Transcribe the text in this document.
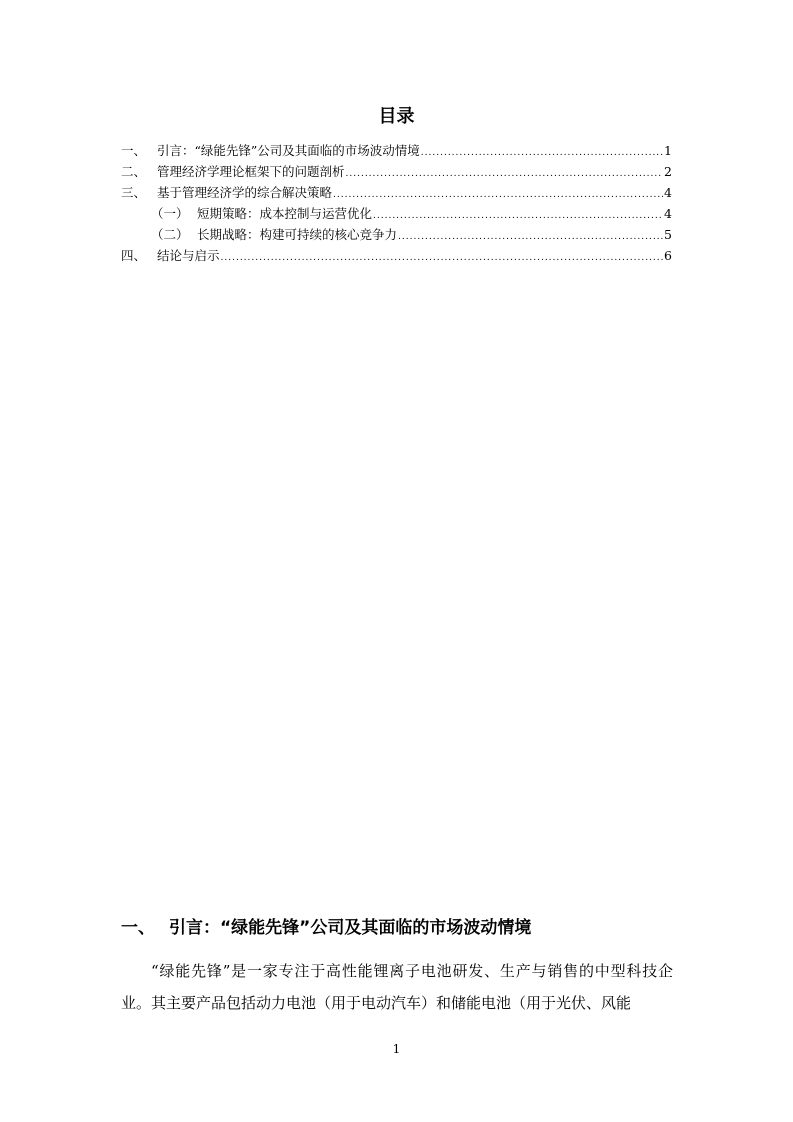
目录
一、 引言：“绿能先锋”公司及其面临的市场波动情境 .....	1
二、 管理经济学理论框架下的问题剖析 .....	2
三、 基于管理经济学的综合解决策略 .....	4
（一） 短期策略：成本控制与运营优化 .....	4
（二） 长期战略：构建可持续的核心竞争力 .....	5
四、 结论与启示 .....	6
一、 引言：“绿能先锋”公司及其面临的市场波动情境

“绿能先锋”是一家专注于高性能锂离子电池研发、生产与销售的中型科技企业。其主要产品包括动力电池（用于电动汽车）和储能电池（用于光伏、风能

1
